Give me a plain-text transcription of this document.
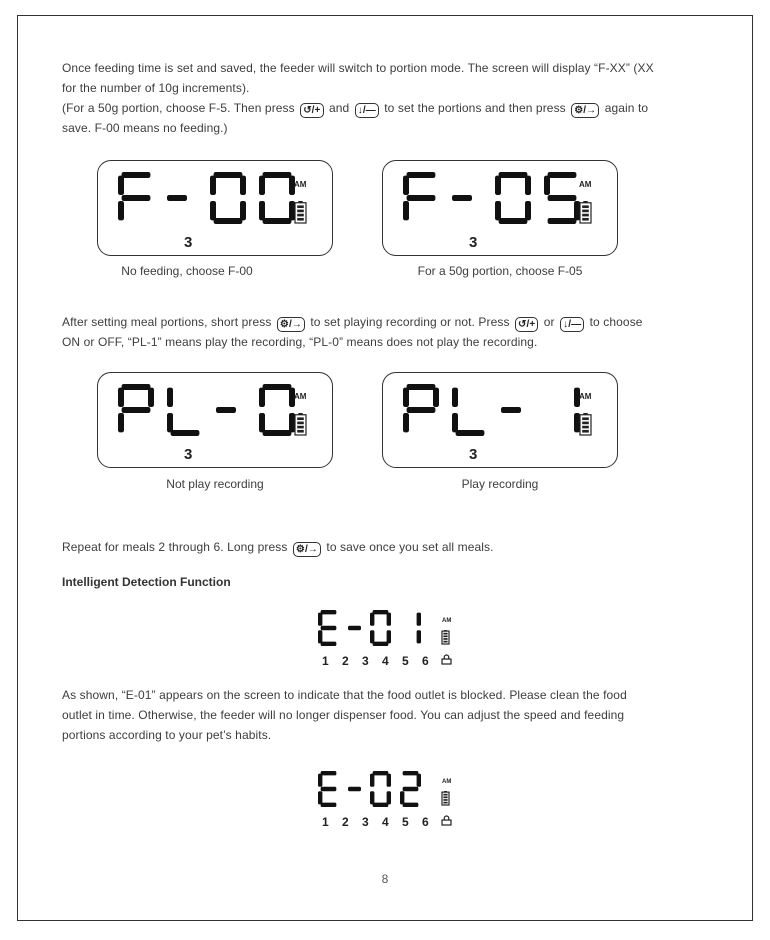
Once feeding time is set and saved, the feeder will switch to portion mode. The screen will display “F-XX” (XX
for the number of 10g increments).
(For a 50g portion, choose F-5. Then press ↺/+ and ↓/— to set the portions and then press ⚙/→ again to
save. F-00 means no feeding.)

AM
3
No feeding, choose F-00
AM
3
For a 50g portion, choose F-05

After setting meal portions, short press ⚙/→ to set playing recording or not. Press ↺/+ or ↓/— to choose
ON or OFF, “PL-1” means play the recording, “PL-0” means does not play the recording.

AM
3
Not play recording
AM
3
Play recording

Repeat for meals 2 through 6. Long press ⚙/→ to save once you set all meals.

Intelligent Detection Function

AM
1 2 3 4 5 6

As shown, “E-01” appears on the screen to indicate that the food outlet is blocked. Please clean the food
outlet in time. Otherwise, the feeder will no longer dispenser food. You can adjust the speed and feeding
portions according to your pet’s habits.

AM
1 2 3 4 5 6
8
